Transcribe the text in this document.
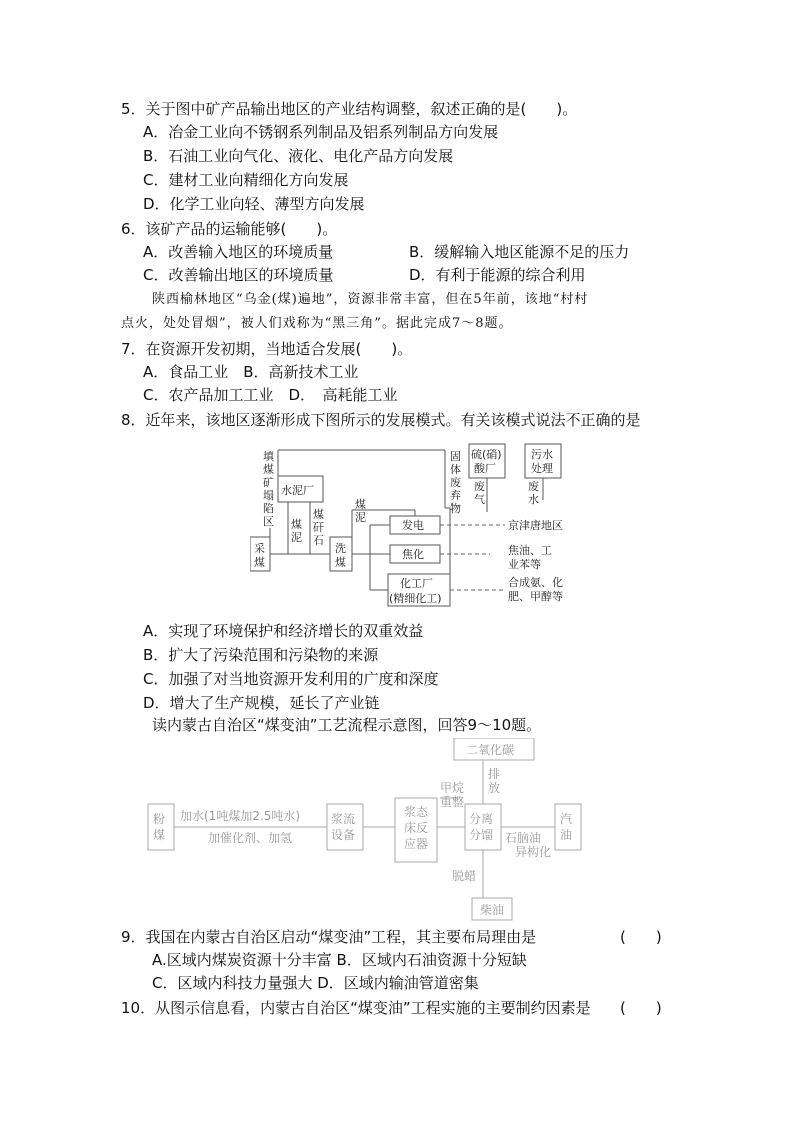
5．关于图中矿产品输出地区的产业结构调整，叙述正确的是(　　)。
A．冶金工业向不锈钢系列制品及铝系列制品方向发展
B．石油工业向气化、液化、电化产品方向发展
C．建材工业向精细化方向发展
D．化学工业向轻、薄型方向发展
6．该矿产品的运输能够(　　)。
A．改善输入地区的环境质量	B．缓解输入地区能源不足的压力
C．改善输出地区的环境质量	D．有利于能源的综合利用
陕西榆林地区“乌金(煤)遍地”，资源非常丰富，但在5年前，该地“村村
点火，处处冒烟”，被人们戏称为“黑三角”。据此完成7～8题。
7．在资源开发初期，当地适合发展(　　)。
A．食品工业　B．高新技术工业
C．农产品加工工业　D．　高耗能工业
8．近年来，该地区逐渐形成下图所示的发展模式。有关该模式说法不正确的是
填
煤
矿
塌
陷
区
水泥厂
硫(硝)
酸厂
污水
处理
固
体
废
弃
物
废
气
废
水
采
煤
洗
煤
煤
泥
煤
矸
石
煤
泥
发电
焦化
化工厂
(精细化工)
京津唐地区
焦油、工
业苯等
合成氨、化
肥、甲醇等
A．实现了环境保护和经济增长的双重效益
B．扩大了污染范围和污染物的来源
C．加强了对当地资源开发利用的广度和深度
D．增大了生产规模，延长了产业链
读内蒙古自治区“煤变油”工艺流程示意图，回答9～10题。
二氧化碳
排
放
粉
煤
加水(1吨煤加2.5吨水)
加催化剂、加氢
浆流
设备
浆态
床反
应器
甲烷
重整
分离
分馏 石脑油
异构化
汽
油
脱蜡
柴油
9．我国在内蒙古自治区启动“煤变油”工程，其主要布局理由是	(　　)
A.区域内煤炭资源十分丰富 B．区域内石油资源十分短缺
C．区域内科技力量强大 D．区域内输油管道密集
10．从图示信息看，内蒙古自治区“煤变油”工程实施的主要制约因素是 (　　)
